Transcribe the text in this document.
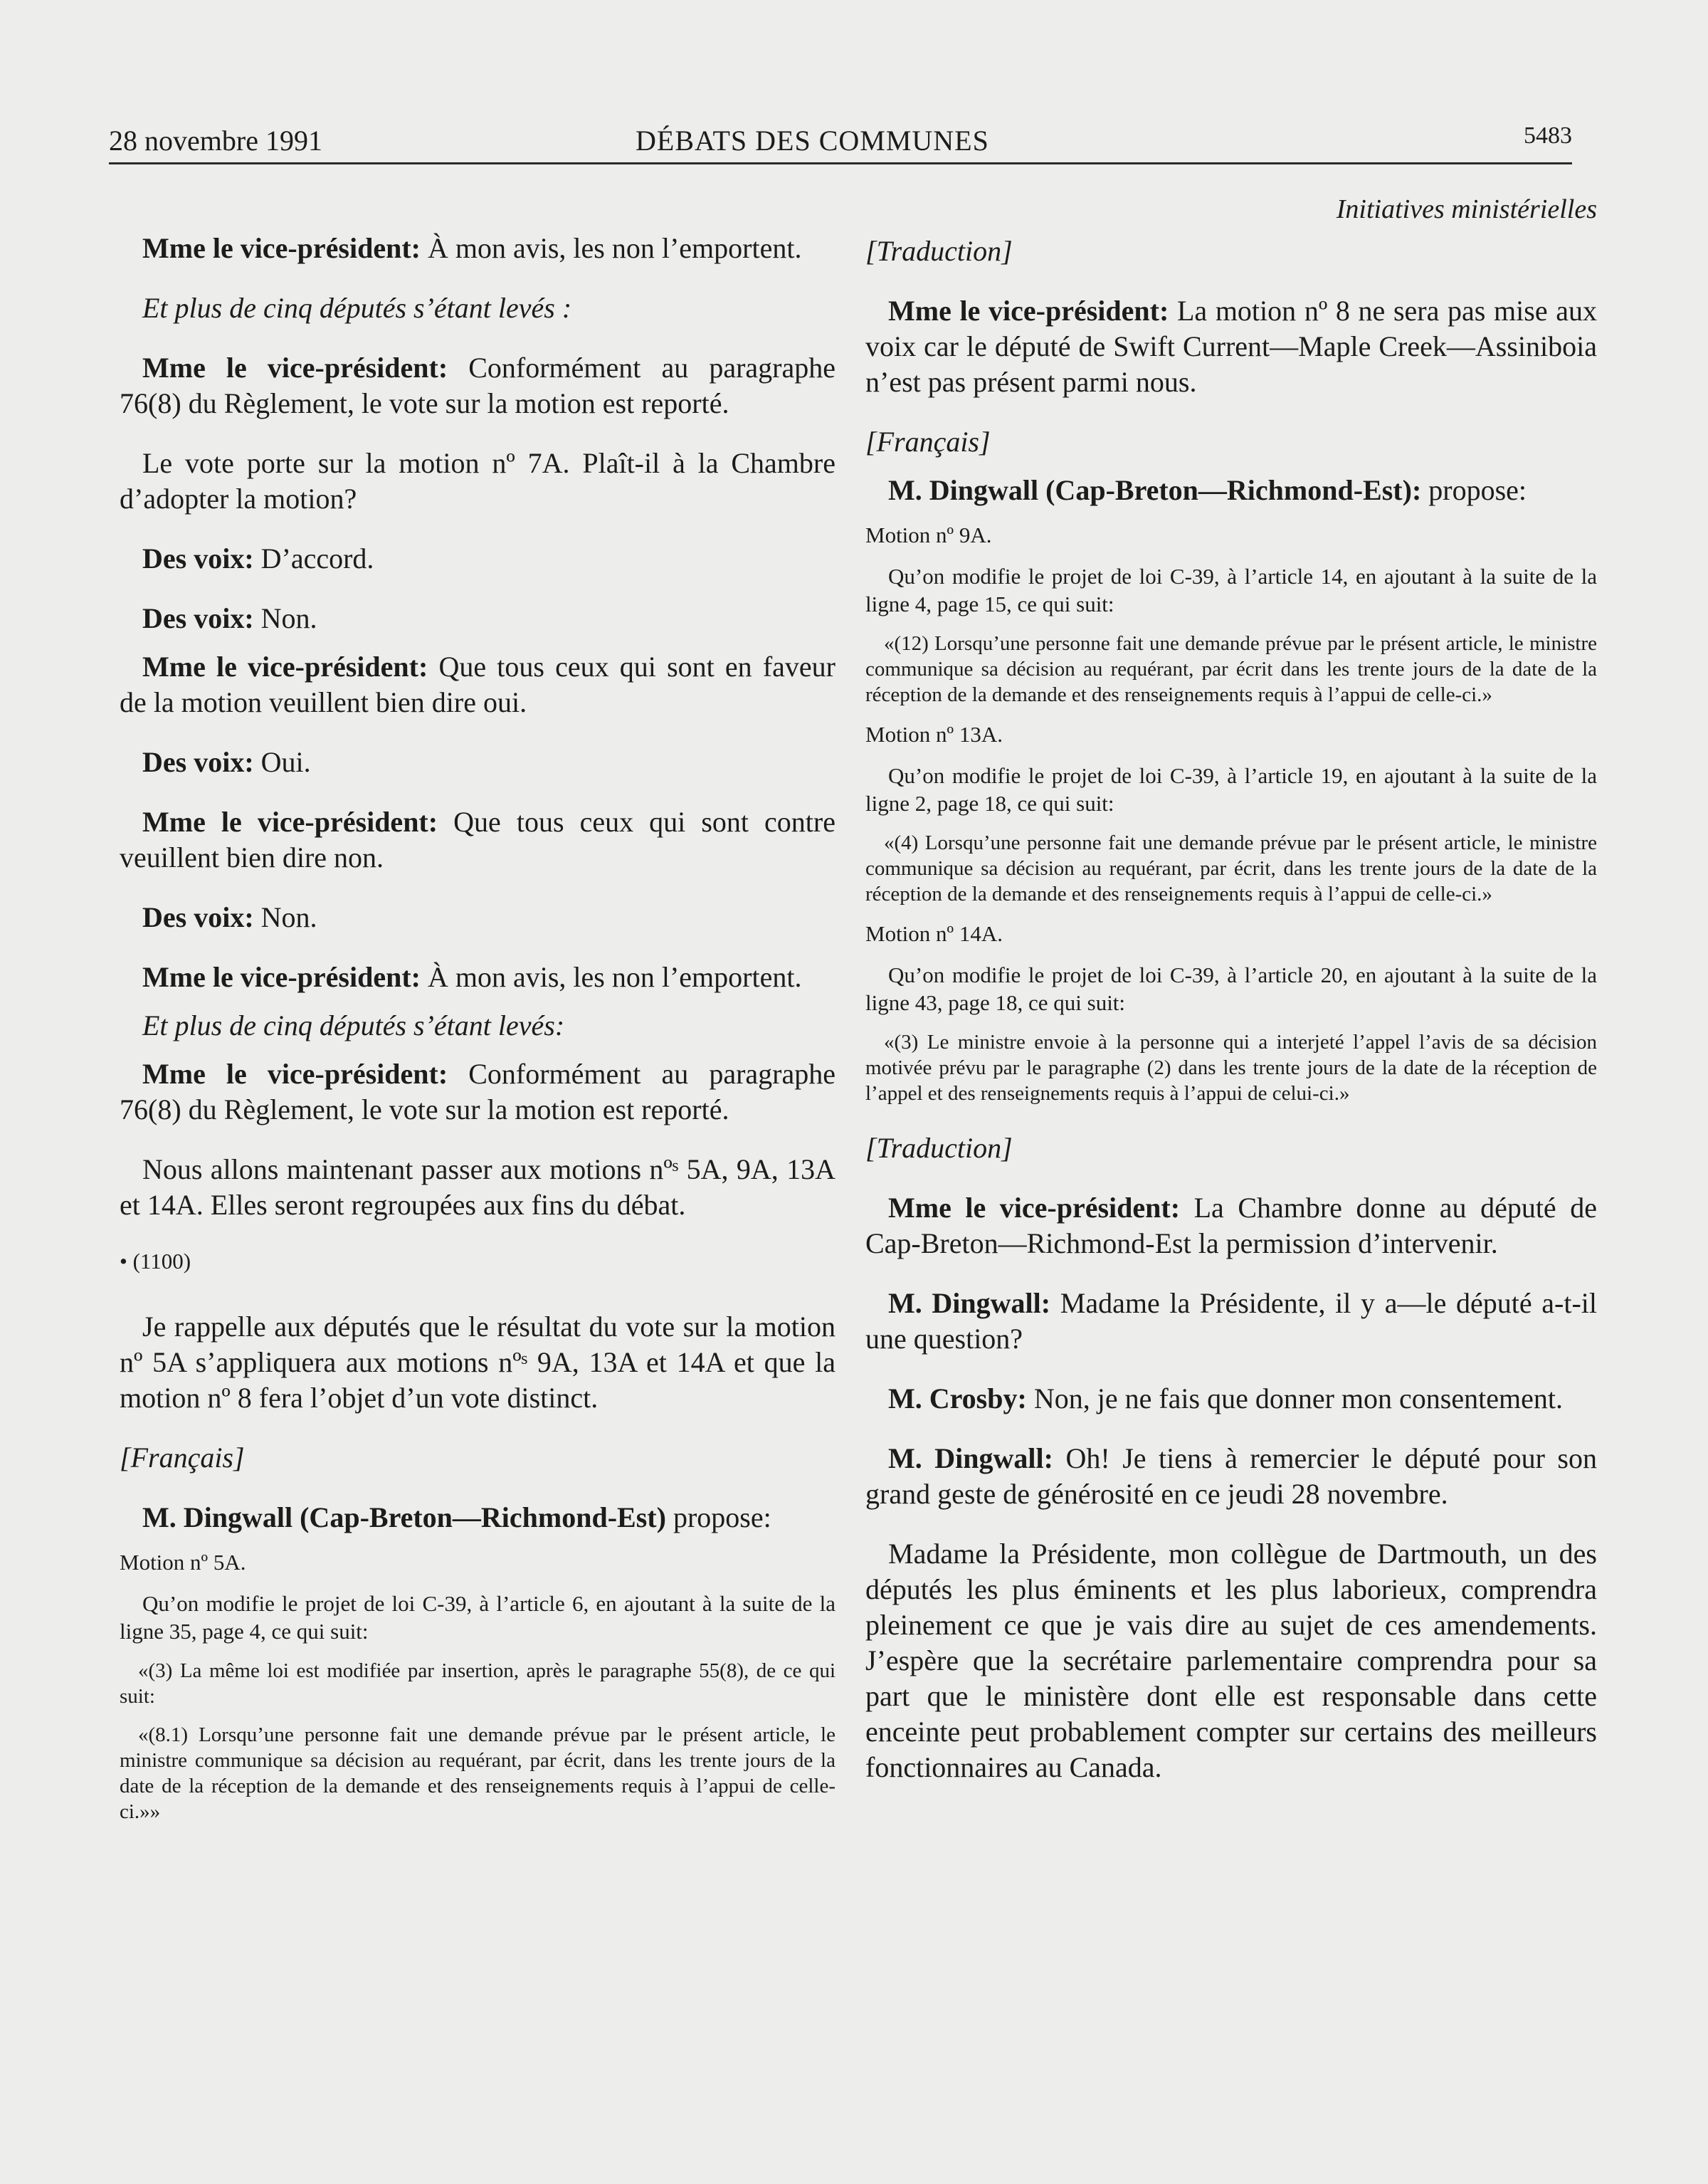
28 novembre 1991	DÉBATS DES COMMUNES	5483

Mme le vice-président: À mon avis, les non l’emportent.

Et plus de cinq députés s’étant levés :

Mme le vice-président: Conformément au paragraphe 76(8) du Règlement, le vote sur la motion est reporté.

Le vote porte sur la motion nº 7A. Plaît-il à la Chambre d’adopter la motion?

Des voix: D’accord.

Des voix: Non.

Mme le vice-président: Que tous ceux qui sont en faveur de la motion veuillent bien dire oui.

Des voix: Oui.

Mme le vice-président: Que tous ceux qui sont contre veuillent bien dire non.

Des voix: Non.

Mme le vice-président: À mon avis, les non l’emportent.

Et plus de cinq députés s’étant levés:

Mme le vice-président: Conformément au paragraphe 76(8) du Règlement, le vote sur la motion est reporté.

Nous allons maintenant passer aux motions nºˢ 5A, 9A, 13A et 14A. Elles seront regroupées aux fins du débat.

• (1100)

Je rappelle aux députés que le résultat du vote sur la motion nº 5A s’appliquera aux motions nºˢ 9A, 13A et 14A et que la motion nº 8 fera l’objet d’un vote distinct.

[Français]

M. Dingwall (Cap-Breton—Richmond-Est) propose:

Motion nº 5A.

Qu’on modifie le projet de loi C-39, à l’article 6, en ajoutant à la suite de la ligne 35, page 4, ce qui suit:

«(3) La même loi est modifiée par insertion, après le paragraphe 55(8), de ce qui suit:

«(8.1) Lorsqu’une personne fait une demande prévue par le présent article, le ministre communique sa décision au requérant, par écrit, dans les trente jours de la date de la réception de la demande et des renseignements requis à l’appui de celle-ci.»»

Initiatives ministérielles

[Traduction]

Mme le vice-président: La motion nº 8 ne sera pas mise aux voix car le député de Swift Current—Maple Creek—Assiniboia n’est pas présent parmi nous.

[Français]

M. Dingwall (Cap-Breton—Richmond-Est): propose:

Motion nº 9A.

Qu’on modifie le projet de loi C-39, à l’article 14, en ajoutant à la suite de la ligne 4, page 15, ce qui suit:

«(12) Lorsqu’une personne fait une demande prévue par le présent article, le ministre communique sa décision au requérant, par écrit dans les trente jours de la date de la réception de la demande et des renseignements requis à l’appui de celle-ci.»

Motion nº 13A.

Qu’on modifie le projet de loi C-39, à l’article 19, en ajoutant à la suite de la ligne 2, page 18, ce qui suit:

«(4) Lorsqu’une personne fait une demande prévue par le présent article, le ministre communique sa décision au requérant, par écrit, dans les trente jours de la date de la réception de la demande et des renseignements requis à l’appui de celle-ci.»

Motion nº 14A.

Qu’on modifie le projet de loi C-39, à l’article 20, en ajoutant à la suite de la ligne 43, page 18, ce qui suit:

«(3) Le ministre envoie à la personne qui a interjeté l’appel l’avis de sa décision motivée prévu par le paragraphe (2) dans les trente jours de la date de la réception de l’appel et des renseignements requis à l’appui de celui-ci.»

[Traduction]

Mme le vice-président: La Chambre donne au député de Cap-Breton—Richmond-Est la permission d’intervenir.

M. Dingwall: Madame la Présidente, il y a—le député a-t-il une question?

M. Crosby: Non, je ne fais que donner mon consentement.

M. Dingwall: Oh! Je tiens à remercier le député pour son grand geste de générosité en ce jeudi 28 novembre.

Madame la Présidente, mon collègue de Dartmouth, un des députés les plus éminents et les plus laborieux, comprendra pleinement ce que je vais dire au sujet de ces amendements. J’espère que la secrétaire parlementaire comprendra pour sa part que le ministère dont elle est responsable dans cette enceinte peut probablement compter sur certains des meilleurs fonctionnaires au Canada.
